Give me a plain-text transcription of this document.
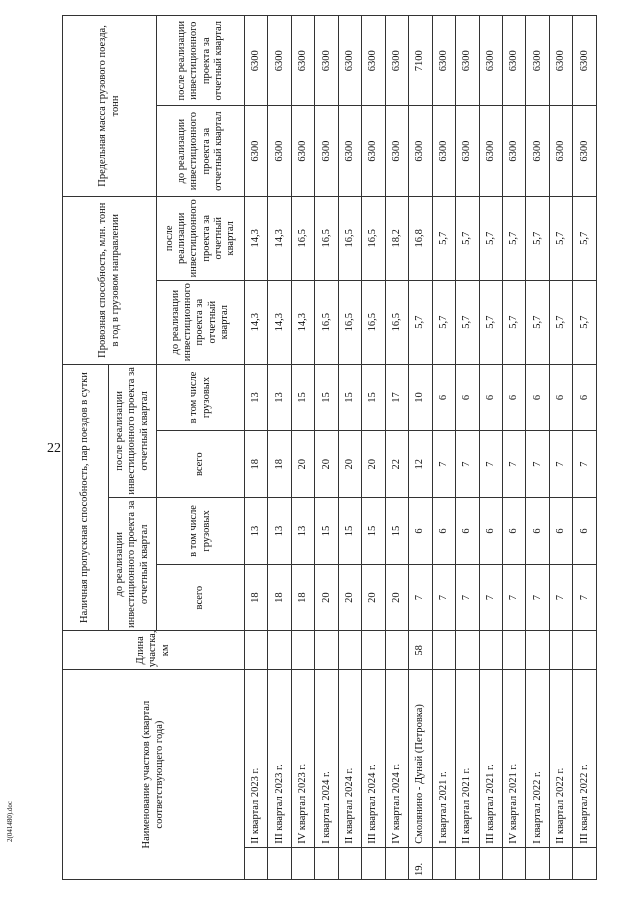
22
2(041480).doc	Наименование участков (квартал соответствующего года)		Длина участка, км	Наличная пропускная способность, пар поездов в сутки				Провозная способность, млн. тонн в год в грузовом направлении		Предельная масса грузового поезда, тонн	
			до реализации инвестиционного проекта за отчетный квартал		после реализации инвестиционного проекта за отчетный квартал					
			всего	в том числе грузовых	всего	в том числе грузовых	до реализации инвестиционного проекта за отчетный квартал	после реализации инвестиционного проекта за отчетный квартал	до реализации инвестиционного проекта за отчетный квартал	после реализации инвестиционного проекта за отчетный квартал
	II квартал 2023 г.		18	13	18	13	14,3	14,3	6300	6300
	III квартал 2023 г.		18	13	18	13	14,3	14,3	6300	6300
	IV квартал 2023 г.		18	13	20	15	14,3	16,5	6300	6300
	I квартал 2024 г.		20	15	20	15	16,5	16,5	6300	6300
	II квартал 2024 г.		20	15	20	15	16,5	16,5	6300	6300
	III квартал 2024 г.		20	15	20	15	16,5	16,5	6300	6300
	IV квартал 2024 г.		20	15	22	17	16,5	18,2	6300	6300
19.	Смолянино - Дунай (Петровка)	58	7	6	12	10	5,7	16,8	6300	7100
	I квартал 2021 г.		7	6	7	6	5,7	5,7	6300	6300
	II квартал 2021 г.		7	6	7	6	5,7	5,7	6300	6300
	III квартал 2021 г.		7	6	7	6	5,7	5,7	6300	6300
	IV квартал 2021 г.		7	6	7	6	5,7	5,7	6300	6300
	I квартал 2022 г.		7	6	7	6	5,7	5,7	6300	6300
	II квартал 2022 г.		7	6	7	6	5,7	5,7	6300	6300
	III квартал 2022 г.		7	6	7	6	5,7	5,7	6300	6300
